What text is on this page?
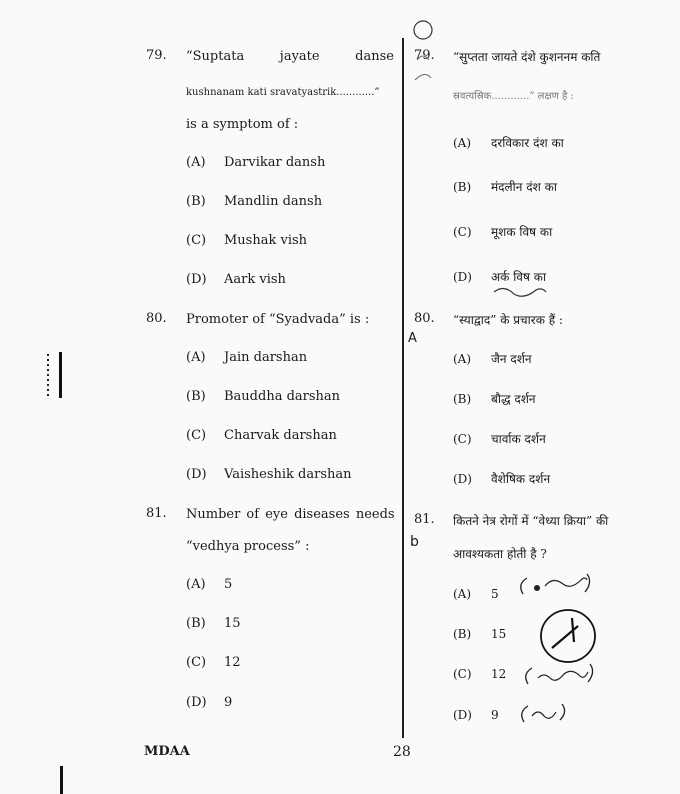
79. “Suptata jayate danse
kushnanam kati sravatyastrik............”
is a symptom of :
(A) Darvikar dansh
(B) Mandlin dansh
(C) Mushak vish
(D) Aark vish
80. Promoter of “Syadvada” is :
(A) Jain darshan
(B) Bauddha darshan
(C) Charvak darshan
(D) Vaisheshik darshan
81. Number of eye diseases needs
“vedhya process” :
(A) 5
(B) 15
(C) 12
(D) 9
79. “सुप्तता जायते दंशे कुशननम कति
स्रवत्यस्रिक............” लक्षण है :
(A) दरविकार दंश का
(B) मंदलीन दंश का
(C) मूशक विष का
(D) अर्क विष का
80. “स्याद्वाद” के प्रचारक हैं :
(A) जैन दर्शन
(B) बौद्ध दर्शन
(C) चार्वाक दर्शन
(D) वैशेषिक दर्शन
81. कितने नेत्र रोगों में “वेध्या क्रिया” की
आवश्यकता होती है ?
(A) 5
(B) 15
(C) 12
(D) 9
A
b
MDAA	28
